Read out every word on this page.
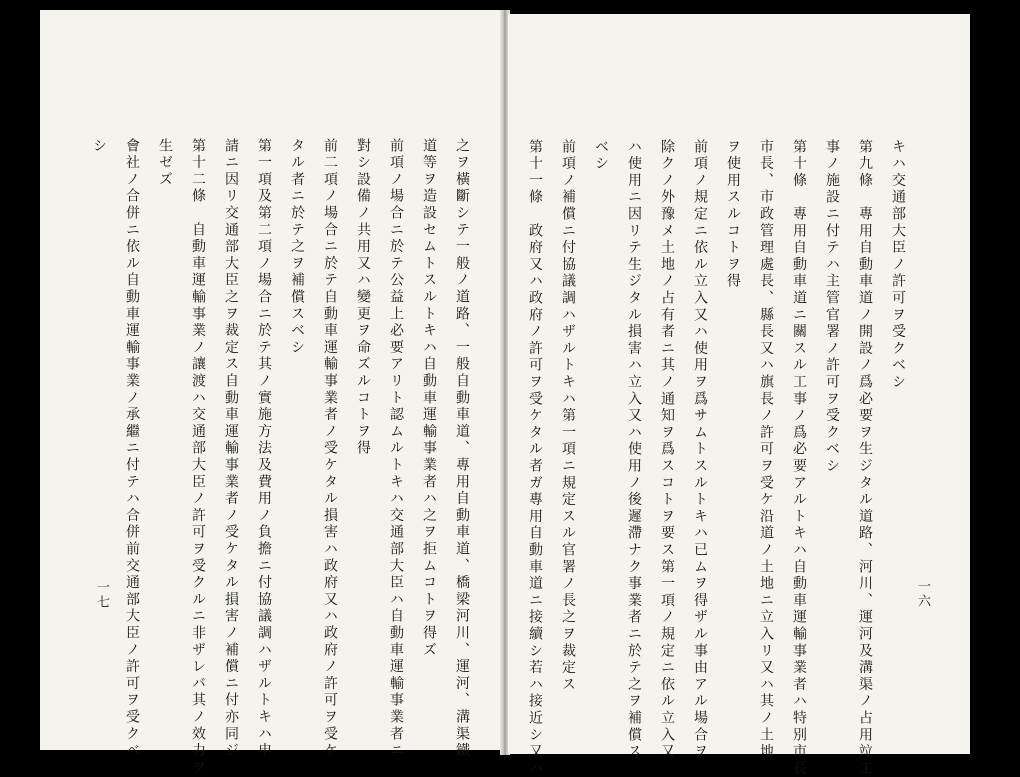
之ヲ橫斷シテ一般ノ道路、一般自動車道、專用自動車道、橋梁河川、運河、溝渠鐵
道等ヲ造設セムトスルトキハ自動車運輸事業者ハ之ヲ拒ムコトヲ得ズ
前項ノ場合ニ於テ公益上必要アリト認ムルトキハ交通部大臣ハ自動車運輸事業者ニ
對シ設備ノ共用又ハ變更ヲ命ズルコトヲ得
前二項ノ場合ニ於テ自動車運輸事業者ノ受ケタル損害ハ政府又ハ政府ノ許可ヲ受ケ
タル者ニ於テ之ヲ補償スベシ
第一項及第二項ノ場合ニ於テ其ノ實施方法及費用ノ負擔ニ付協議調ハザルトキハ申
請ニ因リ交通部大臣之ヲ裁定ス自動車運輸事業者ノ受ケタル損害ノ補償ニ付亦同ジ
第十二條　自動車運輸事業ノ讓渡ハ交通部大臣ノ許可ヲ受クルニ非ザレバ其ノ效力ヲ
生ゼズ
會社ノ合併ニ依ル自動車運輸事業ノ承繼ニ付テハ合併前交通部大臣ノ許可ヲ受クベ
シ
一七
キハ交通部大臣ノ許可ヲ受クベシ
第九條　專用自動車道ノ開設ノ爲必要ヲ生ジタル道路、河川、運河及溝渠ノ占用竝工
事ノ施設ニ付テハ主管官署ノ許可ヲ受クベシ
第十條　專用自動車道ニ關スル工事ノ爲必要アルトキハ自動車運輸事業者ハ特別市長
市長、市政管理處長、縣長又ハ旗長ノ許可ヲ受ケ沿道ノ土地ニ立入リ又ハ其ノ土地
ヲ使用スルコトヲ得
前項ノ規定ニ依ル立入又ハ使用ヲ爲サムトスルトキハ已ムヲ得ザル事由アル場合ヲ
除クノ外豫メ土地ノ占有者ニ其ノ通知ヲ爲スコトヲ要ス第一項ノ規定ニ依ル立入又
ハ使用ニ因リテ生ジタル損害ハ立入又ハ使用ノ後遲滯ナク事業者ニ於テ之ヲ補償ス
ベシ
前項ノ補償ニ付協議調ハザルトキハ第一項ニ規定スル官署ノ長之ヲ裁定ス
第十一條　政府又ハ政府ノ許可ヲ受ケタル者ガ專用自動車道ニ接續シ若ハ接近シ又ハ	一六
